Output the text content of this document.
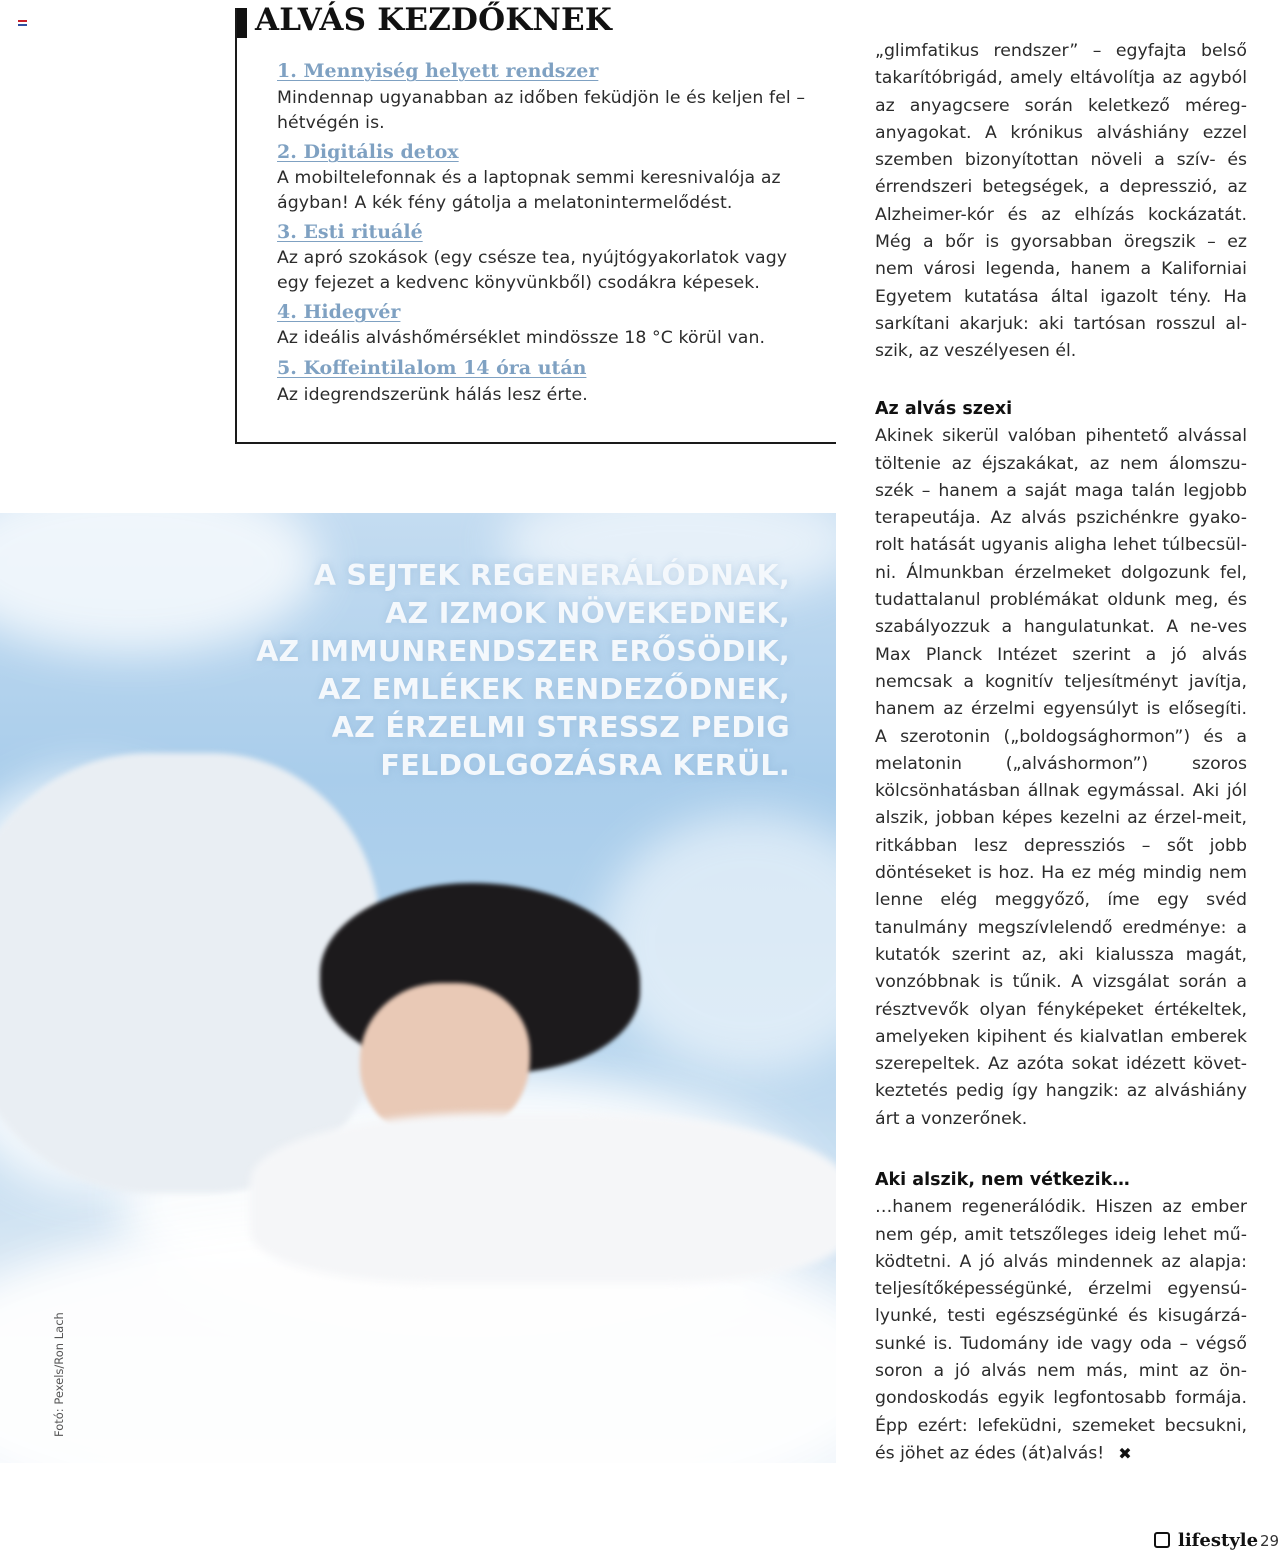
ALVÁS KEZDŐKNEK
1. Mennyiség helyett rendszer
Mindennap ugyanabban az időben feküdjön le és keljen fel – hétvégén is.
2. Digitális detox
A mobiltelefonnak és a laptopnak semmi keresnivalója az ágyban! A kék fény gátolja a melatonintermelődést.
3. Esti rituálé
Az apró szokások (egy csésze tea, nyújtógyakorlatok vagy egy fejezet a kedvenc könyvünkből) csodákra képesek.
4. Hidegvér
Az ideális alváshőmérséklet mindössze 18 °C körül van.
5. Koffeintilalom 14 óra után
Az idegrendszerünk hálás lesz érte.
A SEJTEK REGENERÁLÓDNAK,
AZ IZMOK NÖVEKEDNEK,
AZ IMMUNRENDSZER ERŐSÖDIK,
AZ EMLÉKEK RENDEZŐDNEK,
AZ ÉRZELMI STRESSZ PEDIG
FELDOLGOZÁSRA KERÜL.
Fotó: Pexels/Ron Lach

„glimfatikus rendszer” – egyfajta belső takarítóbrigád, amely eltávolítja az agyból az anyagcsere során keletkező méreg-anyagokat. A krónikus alváshiány ezzel szemben bizonyítottan növeli a szív- és érrendszeri betegségek, a depresszió, az Alzheimer-kór és az elhízás kockázatát. Még a bőr is gyorsabban öregszik – ez nem városi legenda, hanem a Kaliforniai Egyetem kutatása által igazolt tény. Ha sarkítani akarjuk: aki tartósan rosszul al-szik, az veszélyesen él.

Az alvás szexi

Akinek sikerül valóban pihentető alvással töltenie az éjszakákat, az nem álomszu-szék – hanem a saját maga talán legjobb terapeutája. Az alvás pszichénkre gyako-rolt hatását ugyanis aligha lehet túlbecsül-ni. Álmunkban érzelmeket dolgozunk fel, tudattalanul problémákat oldunk meg, és szabályozzuk a hangulatunkat. A ne-ves Max Planck Intézet szerint a jó alvás nemcsak a kognitív teljesítményt javítja, hanem az érzelmi egyensúlyt is elősegíti. A szerotonin („boldogsághormon”) és a melatonin („alváshormon”) szoros kölcsönhatásban állnak egymással. Aki jól alszik, jobban képes kezelni az érzel-meit, ritkábban lesz depressziós – sőt jobb döntéseket is hoz. Ha ez még mindig nem lenne elég meggyőző, íme egy svéd tanulmány megszívlelendő eredménye: a kutatók szerint az, aki kialussza magát, vonzóbbnak is tűnik. A vizsgálat során a résztvevők olyan fényképeket értékeltek, amelyeken kipihent és kialvatlan emberek szerepeltek. Az azóta sokat idézett követ-keztetés pedig így hangzik: az alváshiány árt a vonzerőnek.

Aki alszik, nem vétkezik…

…hanem regenerálódik. Hiszen az ember nem gép, amit tetszőleges ideig lehet mű-ködtetni. A jó alvás mindennek az alapja: teljesítőképességünké, érzelmi egyensú-lyunké, testi egészségünké és kisugárzá-sunké is. Tudomány ide vagy oda – végső soron a jó alvás nem más, mint az ön-gondoskodás egyik legfontosabb formája. Épp ezért: lefeküdni, szemeket becsukni, és jöhet az édes (át)alvás! ✖

lifestyle 29
